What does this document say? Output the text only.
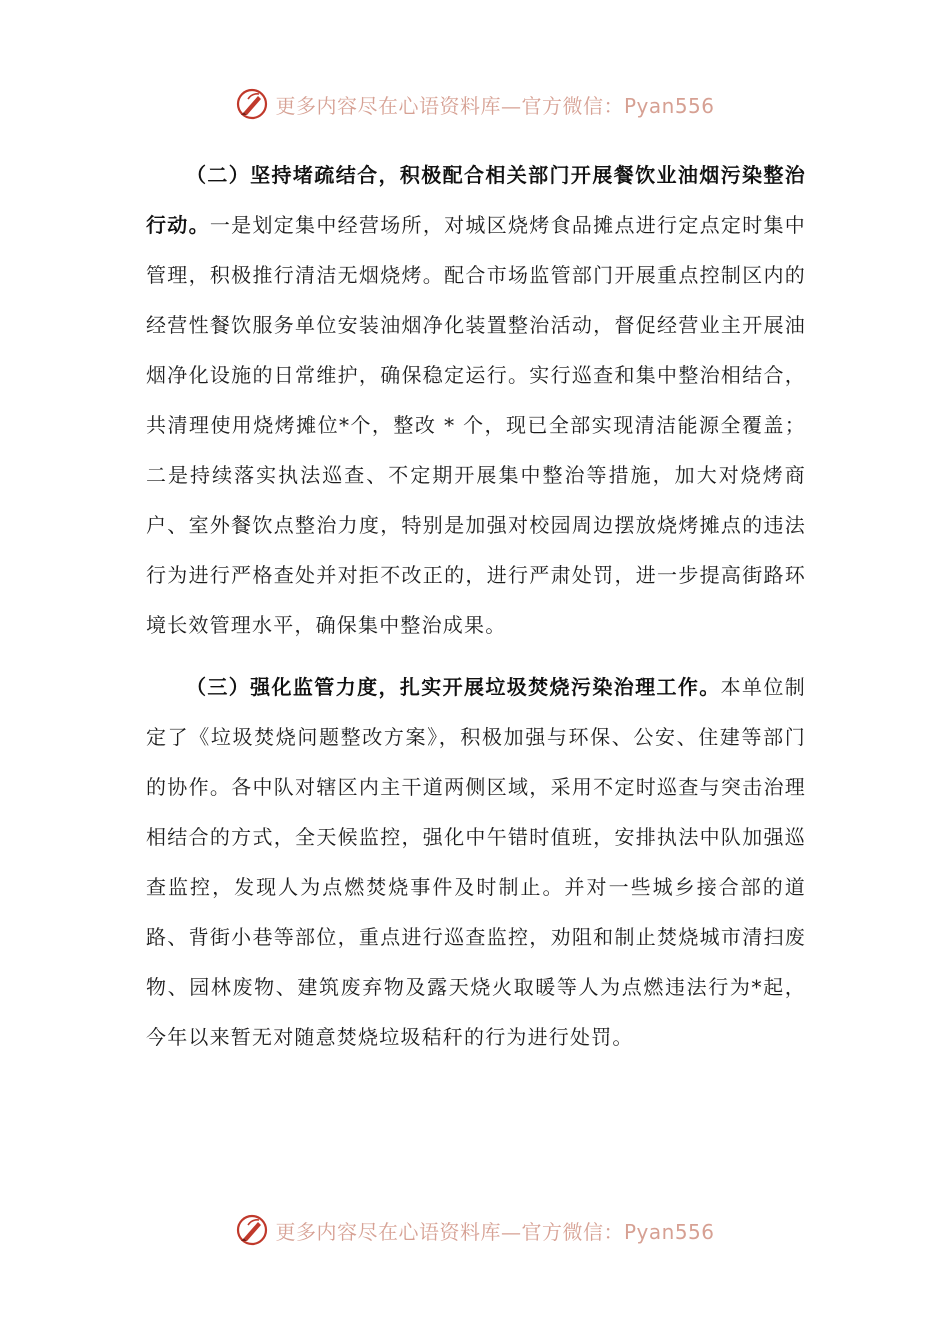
更多内容尽在心语资料库—官方微信：Pyan556

（二）坚持堵疏结合，积极配合相关部门开展餐饮业油烟污染整治行动。一是划定集中经营场所，对城区烧烤食品摊点进行定点定时集中管理，积极推行清洁无烟烧烤。配合市场监管部门开展重点控制区内的经营性餐饮服务单位安装油烟净化装置整治活动，督促经营业主开展油烟净化设施的日常维护，确保稳定运行。实行巡查和集中整治相结合，共清理使用烧烤摊位*个，整改 * 个，现已全部实现清洁能源全覆盖；二是持续落实执法巡查、不定期开展集中整治等措施，加大对烧烤商户、室外餐饮点整治力度，特别是加强对校园周边摆放烧烤摊点的违法行为进行严格查处并对拒不改正的，进行严肃处罚，进一步提高街路环境长效管理水平，确保集中整治成果。

（三）强化监管力度，扎实开展垃圾焚烧污染治理工作。本单位制定了《垃圾焚烧问题整改方案》，积极加强与环保、公安、住建等部门的协作。各中队对辖区内主干道两侧区域，采用不定时巡查与突击治理相结合的方式，全天候监控，强化中午错时值班，安排执法中队加强巡查监控，发现人为点燃焚烧事件及时制止。并对一些城乡接合部的道路、背街小巷等部位，重点进行巡查监控，劝阻和制止焚烧城市清扫废物、园林废物、建筑废弃物及露天烧火取暖等人为点燃违法行为*起，今年以来暂无对随意焚烧垃圾秸秆的行为进行处罚。

更多内容尽在心语资料库—官方微信：Pyan556
